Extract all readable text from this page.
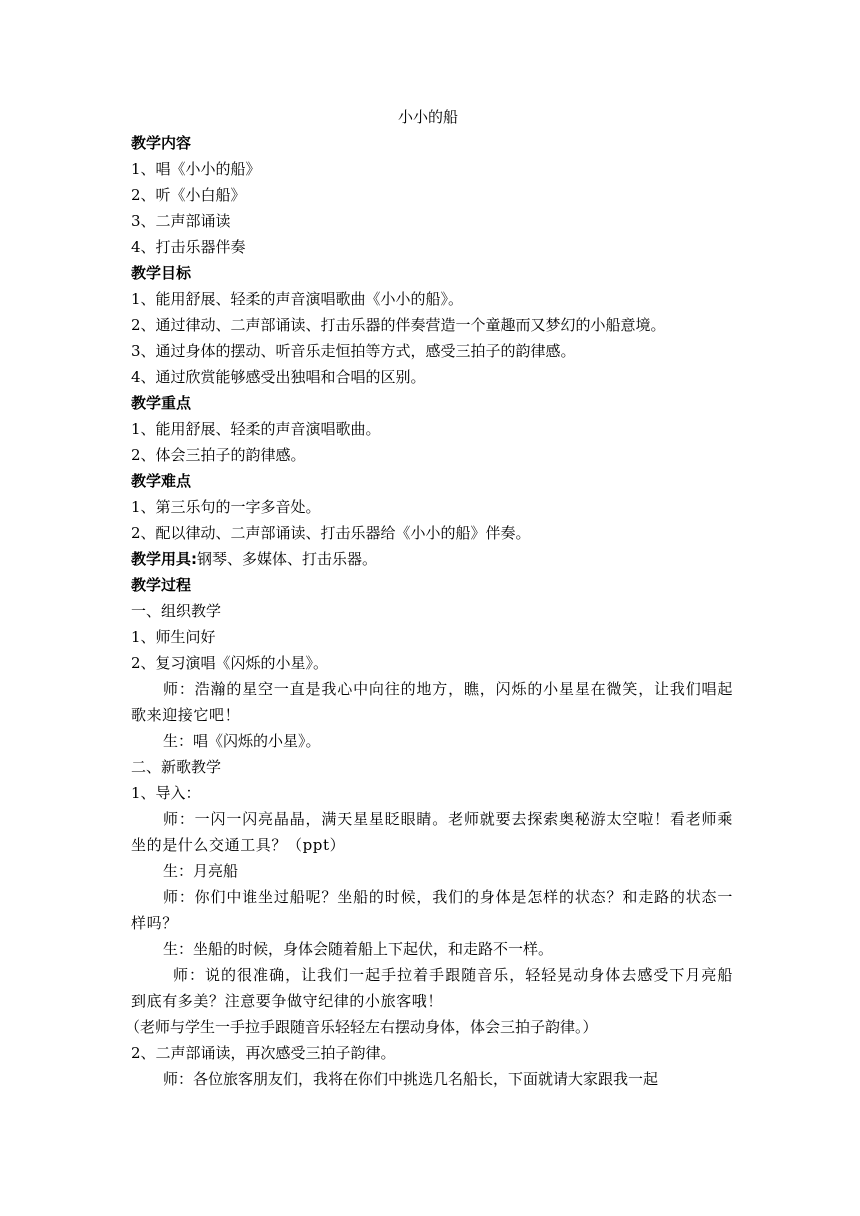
小小的船
教学内容
1、唱《小小的船》
2、听《小白船》
3、二声部诵读
4、打击乐器伴奏
教学目标
1、能用舒展、轻柔的声音演唱歌曲《小小的船》。
2、通过律动、二声部诵读、打击乐器的伴奏营造一个童趣而又梦幻的小船意境。
3、通过身体的摆动、听音乐走恒拍等方式，感受三拍子的韵律感。
4、通过欣赏能够感受出独唱和合唱的区别。
教学重点
1、能用舒展、轻柔的声音演唱歌曲。
2、体会三拍子的韵律感。
教学难点
1、第三乐句的一字多音处。
2、配以律动、二声部诵读、打击乐器给《小小的船》伴奏。
教学用具:钢琴、多媒体、打击乐器。
教学过程
一、组织教学
1、师生问好
2、复习演唱《闪烁的小星》。
师：浩瀚的星空一直是我心中向往的地方，瞧，闪烁的小星星在微笑，让我们唱起歌来迎接它吧！
生：唱《闪烁的小星》。
二、新歌教学
1、导入：
师：一闪一闪亮晶晶，满天星星眨眼睛。老师就要去探索奥秘游太空啦！看老师乘坐的是什么交通工具？（ppt）
生：月亮船
师：你们中谁坐过船呢？坐船的时候，我们的身体是怎样的状态？和走路的状态一样吗？
生：坐船的时候，身体会随着船上下起伏，和走路不一样。
师：说的很准确，让我们一起手拉着手跟随音乐，轻轻晃动身体去感受下月亮船到底有多美？注意要争做守纪律的小旅客哦！
（老师与学生一手拉手跟随音乐轻轻左右摆动身体，体会三拍子韵律。）
2、二声部诵读，再次感受三拍子韵律。
师：各位旅客朋友们，我将在你们中挑选几名船长，下面就请大家跟我一起
